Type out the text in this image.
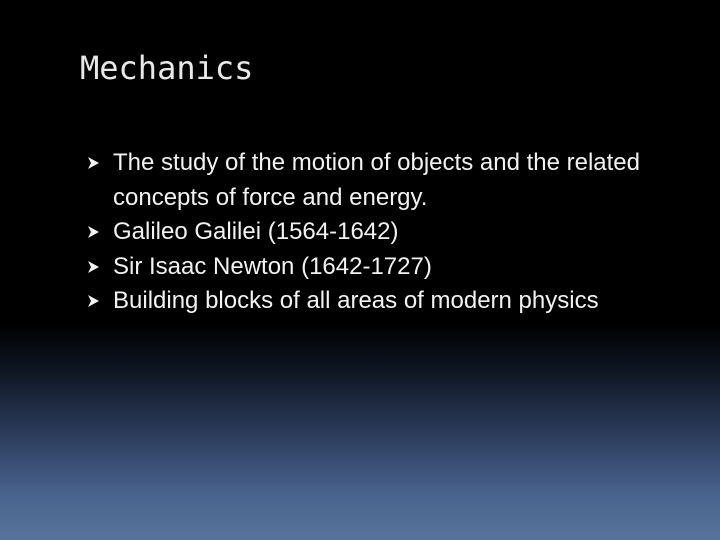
Mechanics
The study of the motion of objects and the related concepts of force and energy.
Galileo Galilei (1564-1642)
Sir Isaac Newton (1642-1727)
Building blocks of all areas of modern physics
